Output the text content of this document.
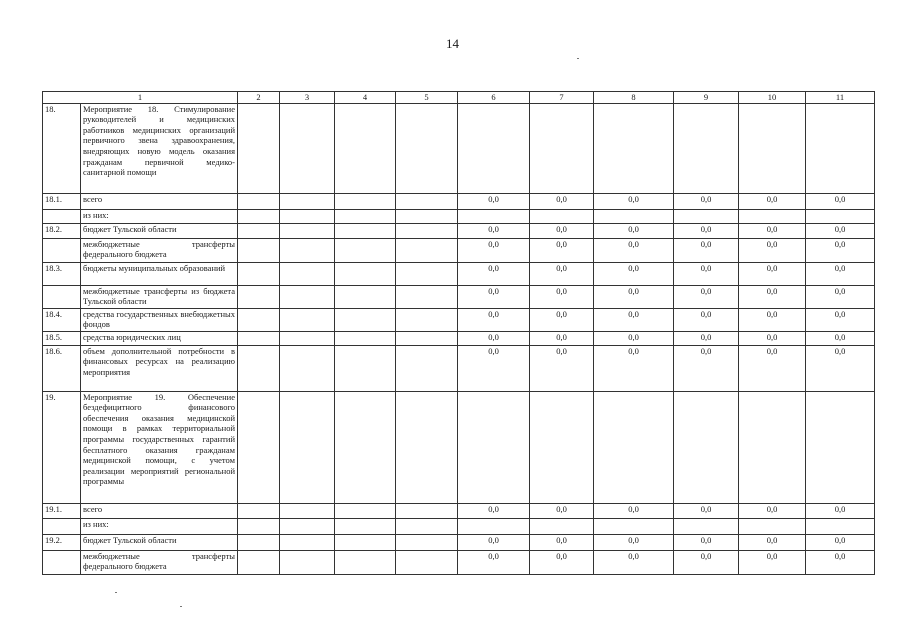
14
1		2	3	4	5	6	7	8	9	10	11
18.	Мероприятие 18. Стимулирование руководителей и медицинских работников медицинских организаций первичного звена здравоохранения, внедряющих новую модель оказания гражданам первичной медико-санитарной помощи										
18.1.	всего					0,0	0,0	0,0	0,0	0,0	0,0
	из них:										
18.2.	бюджет Тульской области					0,0	0,0	0,0	0,0	0,0	0,0
	межбюджетные трансферты федерального бюджета					0,0	0,0	0,0	0,0	0,0	0,0
18.3.	бюджеты муниципальных образований					0,0	0,0	0,0	0,0	0,0	0,0
	межбюджетные трансферты из бюджета Тульской области					0,0	0,0	0,0	0,0	0,0	0,0
18.4.	средства государственных внебюджетных фондов					0,0	0,0	0,0	0,0	0,0	0,0
18.5.	средства юридических лиц					0,0	0,0	0,0	0,0	0,0	0,0
18.6.	объем дополнительной потребности в финансовых ресурсах на реализацию мероприятия					0,0	0,0	0,0	0,0	0,0	0,0
19.	Мероприятие 19. Обеспечение бездефицитного финансового обеспечения оказания медицинской помощи в рамках территориальной программы государственных гарантий бесплатного оказания гражданам медицинской помощи, с учетом реализации мероприятий региональной программы										
19.1.	всего					0,0	0,0	0,0	0,0	0,0	0,0
	из них:										
19.2.	бюджет Тульской области					0,0	0,0	0,0	0,0	0,0	0,0
	межбюджетные трансферты федерального бюджета					0,0	0,0	0,0	0,0	0,0	0,0
